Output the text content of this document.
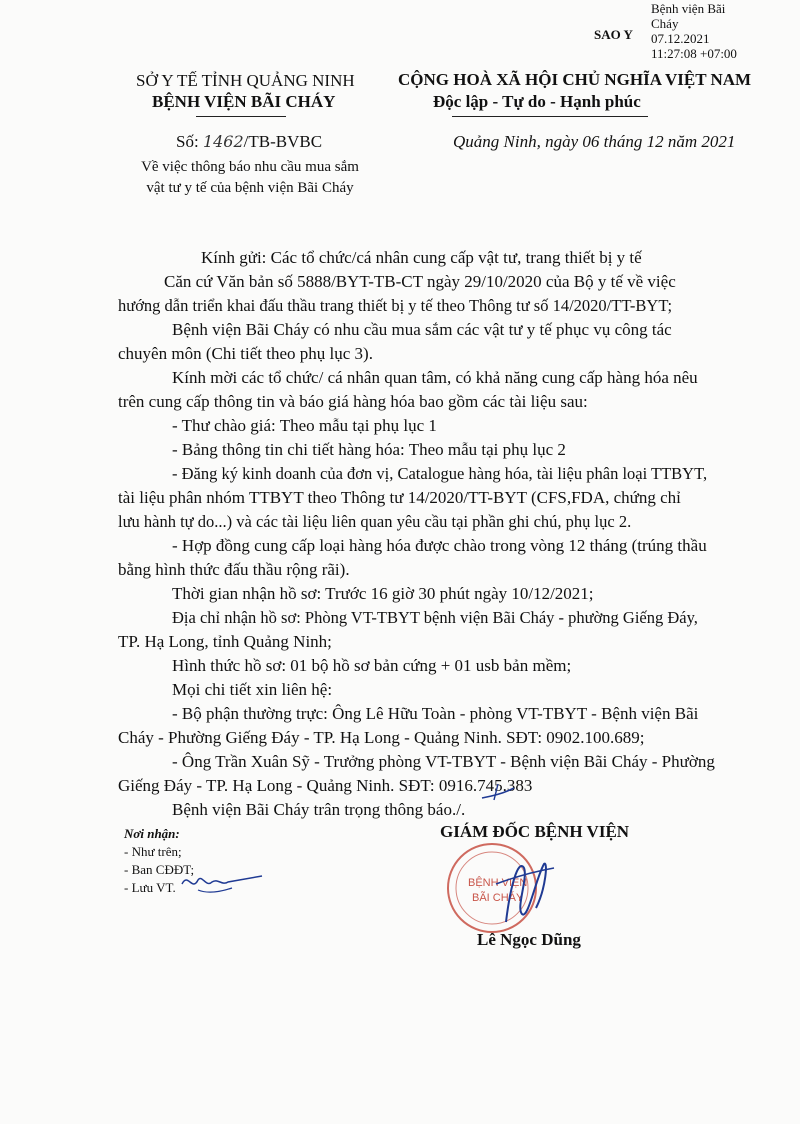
SAO Y
Bệnh viện Bãi
Cháy
07.12.2021
11:27:08 +07:00
SỞ Y TẾ TỈNH QUẢNG NINH
BỆNH VIỆN BÃI CHÁY
CỘNG HOÀ XÃ HỘI CHỦ NGHĨA VIỆT NAM
Độc lập - Tự do - Hạnh phúc
Số: 1462/TB-BVBC	Quảng Ninh, ngày 06 tháng 12 năm 2021
Về việc thông báo nhu cầu mua sắm
vật tư y tế của bệnh viện Bãi Cháy
Kính gửi: Các tổ chức/cá nhân cung cấp vật tư, trang thiết bị y tế
Căn cứ Văn bản số 5888/BYT-TB-CT ngày 29/10/2020 của Bộ y tế về việc
hướng dẫn triển khai đấu thầu trang thiết bị y tế theo Thông tư số 14/2020/TT-BYT;
Bệnh viện Bãi Cháy có nhu cầu mua sắm các vật tư y tế phục vụ công tác
chuyên môn (Chi tiết theo phụ lục 3).
Kính mời các tổ chức/ cá nhân quan tâm, có khả năng cung cấp hàng hóa nêu
trên cung cấp thông tin và báo giá hàng hóa bao gồm các tài liệu sau:
- Thư chào giá: Theo mẫu tại phụ lục 1
- Bảng thông tin chi tiết hàng hóa: Theo mẫu tại phụ lục 2
- Đăng ký kinh doanh của đơn vị, Catalogue hàng hóa, tài liệu phân loại TTBYT,
tài liệu phân nhóm TTBYT theo Thông tư 14/2020/TT-BYT (CFS,FDA, chứng chỉ
lưu hành tự do...) và các tài liệu liên quan yêu cầu tại phần ghi chú, phụ lục 2.
- Hợp đồng cung cấp loại hàng hóa được chào trong vòng 12 tháng (trúng thầu
bằng hình thức đấu thầu rộng rãi).
Thời gian nhận hồ sơ: Trước 16 giờ 30 phút ngày 10/12/2021;
Địa chỉ nhận hồ sơ: Phòng VT-TBYT bệnh viện Bãi Cháy - phường Giếng Đáy,
TP. Hạ Long, tỉnh Quảng Ninh;
Hình thức hồ sơ: 01 bộ hồ sơ bản cứng + 01 usb bản mềm;
Mọi chi tiết xin liên hệ:
- Bộ phận thường trực: Ông Lê Hữu Toàn - phòng VT-TBYT - Bệnh viện Bãi
Cháy - Phường Giếng Đáy - TP. Hạ Long - Quảng Ninh. SĐT: 0902.100.689;
- Ông Trần Xuân Sỹ - Trưởng phòng VT-TBYT - Bệnh viện Bãi Cháy - Phường
Giếng Đáy - TP. Hạ Long - Quảng Ninh. SĐT: 0916.745.383
Bệnh viện Bãi Cháy trân trọng thông báo./.
Nơi nhận:
- Như trên;
- Ban CĐĐT;
- Lưu VT.
GIÁM ĐỐC BỆNH VIỆN
BỆNH VIỆN
BÃI CHÁY
Lê Ngọc Dũng
